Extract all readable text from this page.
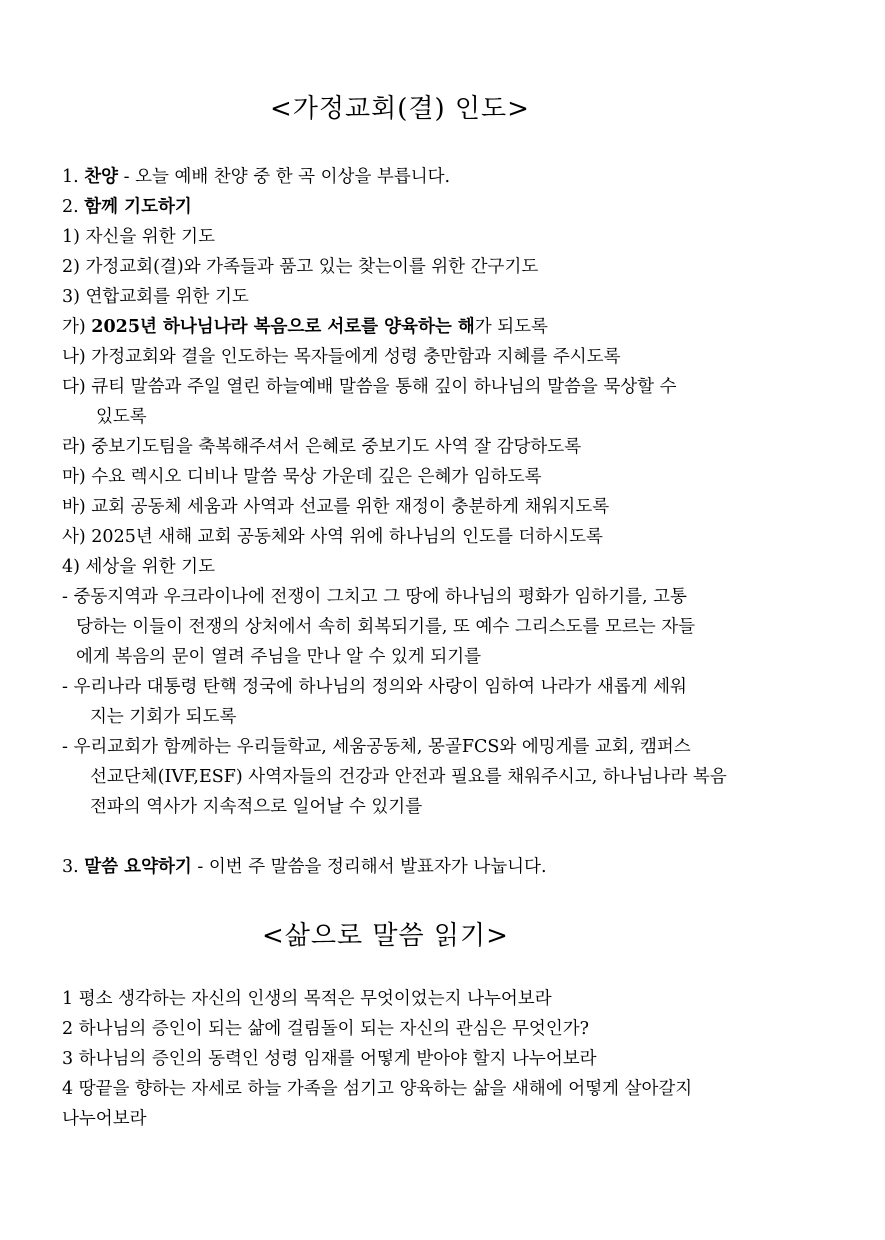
<가정교회(결) 인도>
1. 찬양 - 오늘 예배 찬양 중 한 곡 이상을 부릅니다.
2. 함께 기도하기
1) 자신을 위한 기도
2) 가정교회(결)와 가족들과 품고 있는 찾는이를 위한 간구기도
3) 연합교회를 위한 기도
가) 2025년 하나님나라 복음으로 서로를 양육하는 해가 되도록
나) 가정교회와 결을 인도하는 목자들에게 성령 충만함과 지혜를 주시도록
다) 큐티 말씀과 주일 열린 하늘예배 말씀을 통해 깊이 하나님의 말씀을 묵상할 수
있도록
라) 중보기도팀을 축복해주셔서 은혜로 중보기도 사역 잘 감당하도록
마) 수요 렉시오 디비나 말씀 묵상 가운데 깊은 은혜가 임하도록
바) 교회 공동체 세움과 사역과 선교를 위한 재정이 충분하게 채워지도록
사) 2025년 새해 교회 공동체와 사역 위에 하나님의 인도를 더하시도록
4) 세상을 위한 기도
- 중동지역과 우크라이나에 전쟁이 그치고 그 땅에 하나님의 평화가 임하기를, 고통
당하는 이들이 전쟁의 상처에서 속히 회복되기를, 또 예수 그리스도를 모르는 자들
에게 복음의 문이 열려 주님을 만나 알 수 있게 되기를
- 우리나라 대통령 탄핵 정국에 하나님의 정의와 사랑이 임하여 나라가 새롭게 세워
지는 기회가 되도록
- 우리교회가 함께하는 우리들학교, 세움공동체, 몽골FCS와 에밍게를 교회, 캠퍼스
선교단체(IVF,ESF) 사역자들의 건강과 안전과 필요를 채워주시고, 하나님나라 복음
전파의 역사가 지속적으로 일어날 수 있기를
3. 말씀 요약하기 - 이번 주 말씀을 정리해서 발표자가 나눕니다.
<삶으로 말씀 읽기>
1 평소 생각하는 자신의 인생의 목적은 무엇이었는지 나누어보라
2 하나님의 증인이 되는 삶에 걸림돌이 되는 자신의 관심은 무엇인가?
3 하나님의 증인의 동력인 성령 임재를 어떻게 받아야 할지 나누어보라
4 땅끝을 향하는 자세로 하늘 가족을 섬기고 양육하는 삶을 새해에 어떻게 살아갈지
나누어보라
